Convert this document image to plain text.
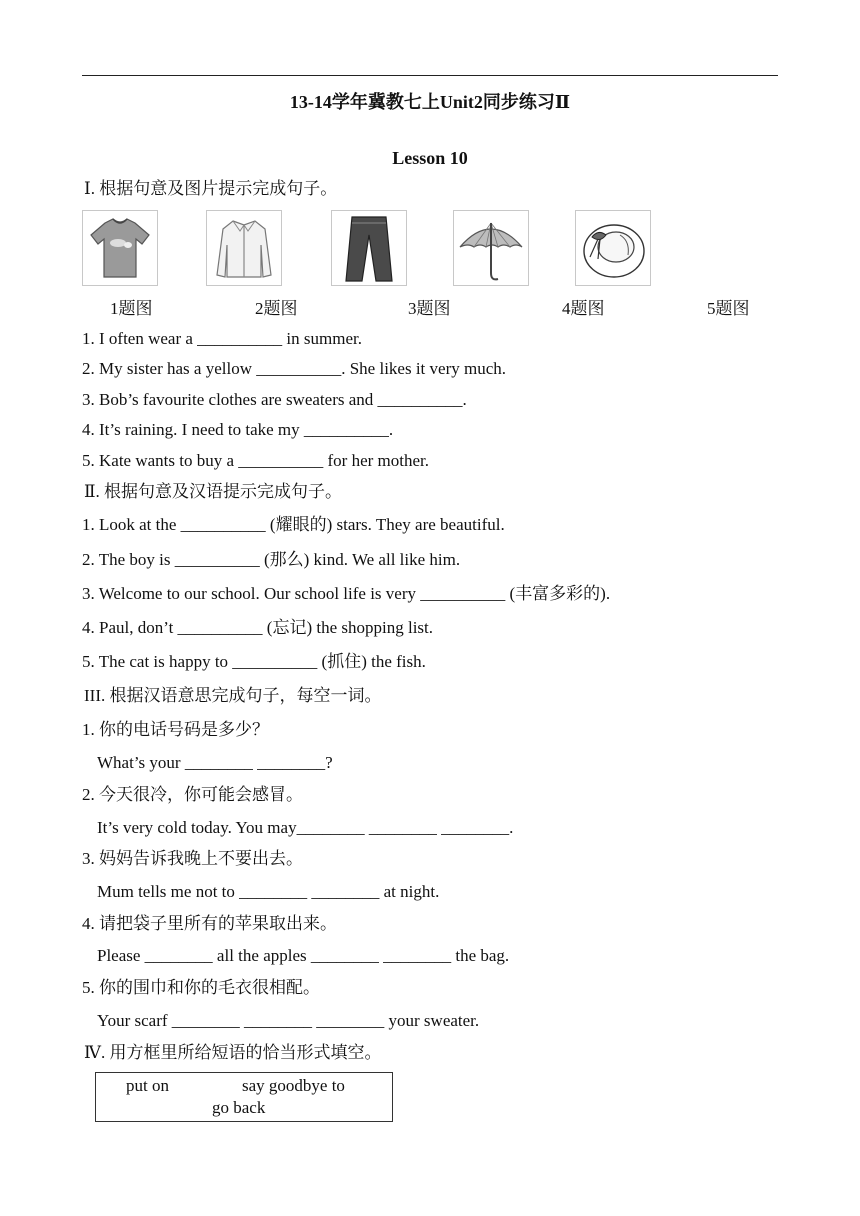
13-14学年冀教七上Unit2同步练习Ⅱ
Lesson 10
Ⅰ. 根据句意及图片提示完成句子。
1题图	2题图	3题图	4题图	5题图
1. I often wear a __________ in summer.
2. My sister has a yellow __________. She likes it very much.
3. Bob’s favourite clothes are sweaters and __________.
4. It’s raining. I need to take my __________.
5. Kate wants to buy a __________ for her mother.
Ⅱ. 根据句意及汉语提示完成句子。
1. Look at the __________ (耀眼的) stars. They are beautiful.
2. The boy is __________ (那么) kind. We all like him.
3. Welcome to our school. Our school life is very __________ (丰富多彩的).
4. Paul, don’t __________ (忘记) the shopping list.
5. The cat is happy to __________ (抓住) the fish.
III. 根据汉语意思完成句子，每空一词。
1. 你的电话号码是多少？
What’s your ________ ________?
2. 今天很冷，你可能会感冒。
It’s very cold today. You may________ ________ ________.
3. 妈妈告诉我晚上不要出去。
Mum tells me not to ________ ________ at night.
4. 请把袋子里所有的苹果取出来。
Please ________ all the apples ________ ________ the bag.
5. 你的围巾和你的毛衣很相配。
Your scarf ________ ________ ________ your sweater.
Ⅳ. 用方框里所给短语的恰当形式填空。
put on	say goodbye to
go back
